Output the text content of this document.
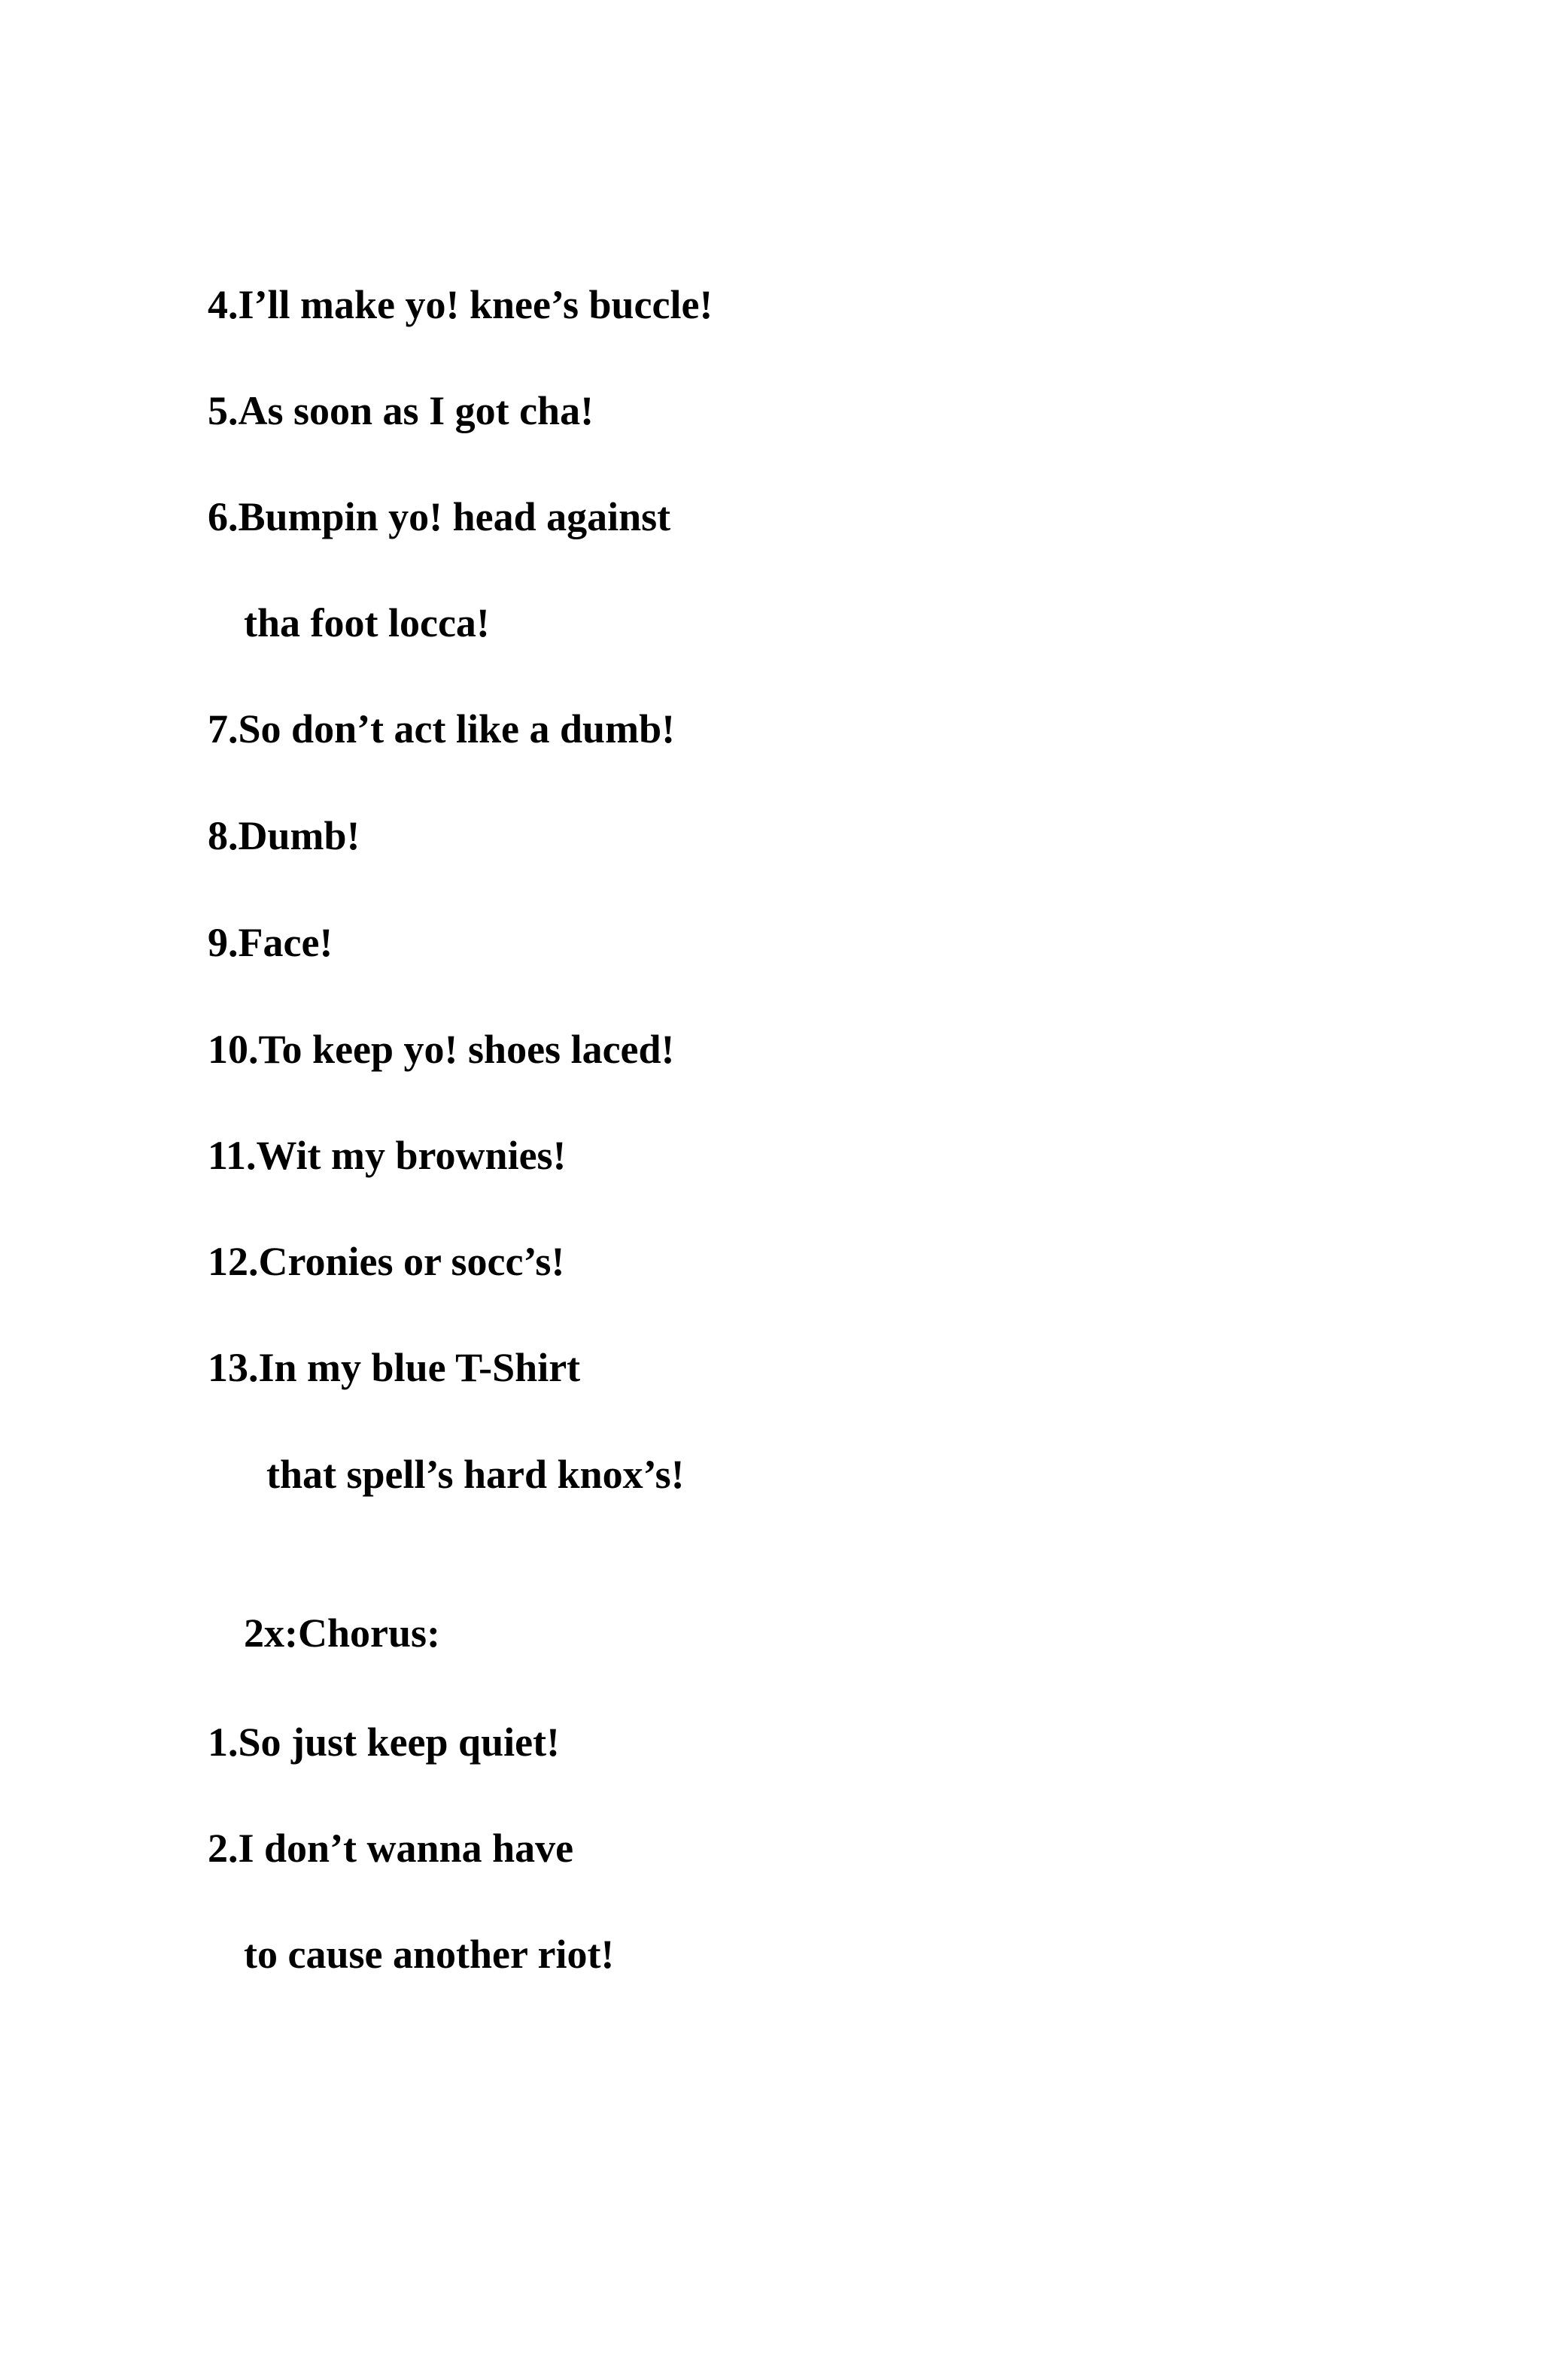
4.I’ll make yo! knee’s buccle!

5.As soon as I got cha!

6.Bumpin yo! head against

tha foot locca!

7.So don’t act like a dumb!

8.Dumb!

9.Face!

10.To keep yo! shoes laced!

11.Wit my brownies!

12.Cronies or socc’s!

13.In my blue T-Shirt

that spell’s hard knox’s!

2x:Chorus:

1.So just keep quiet!

2.I don’t wanna have

to cause another riot!
